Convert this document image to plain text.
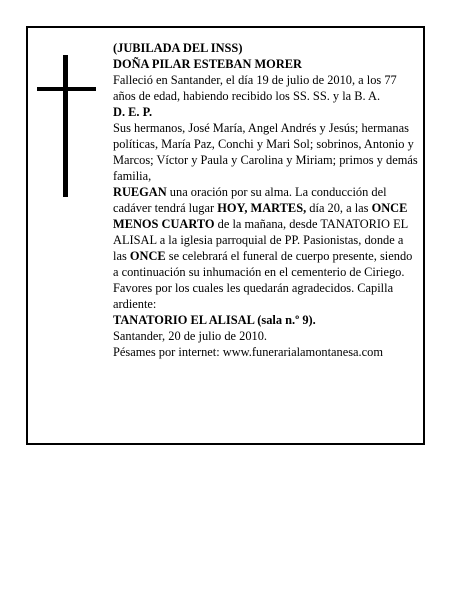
(JUBILADA DEL INSS)

DOÑA PILAR ESTEBAN MORER

Falleció en Santander, el día 19 de julio de 2010, a los 77 años de edad, habiendo recibido los SS. SS. y la B. A.

D. E. P.

Sus hermanos, José María, Angel Andrés y Jesús; hermanas políticas, María Paz, Conchi y Mari Sol; sobrinos, Antonio y Marcos; Víctor y Paula y Carolina y Miriam; primos y demás familia,

RUEGAN una oración por su alma. La conducción del cadáver tendrá lugar HOY, MARTES, día 20, a las ONCE MENOS CUARTO de la mañana, desde TANATORIO EL ALISAL a la iglesia parroquial de PP. Pasionistas, donde a las ONCE se celebrará el funeral de cuerpo presente, siendo a continuación su inhumación en el cementerio de Ciriego. Favores por los cuales les quedarán agradecidos. Capilla ardiente:

TANATORIO EL ALISAL (sala n.º 9).

Santander, 20 de julio de 2010.

Pésames por internet: www.funerarialamontanesa.com
